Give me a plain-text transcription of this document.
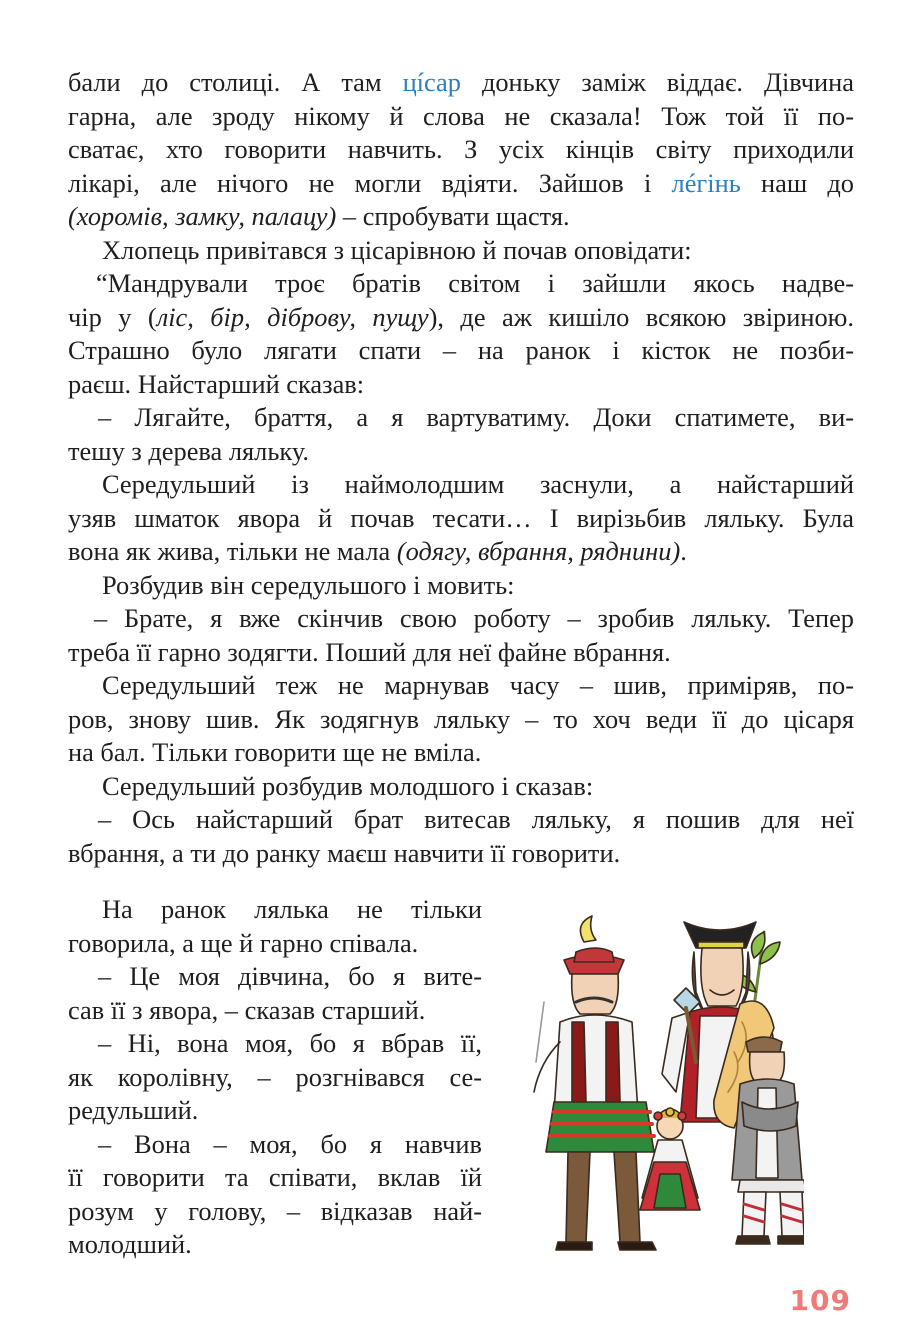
бали до столиці. А там цíсар доньку заміж віддає. Дівчина
гарна, але зроду нікому й слова не сказала! Тож той її по-
сватає, хто говорити навчить. З усіх кінців світу приходили
лікарі, але нічого не могли вдіяти. Зайшов і лéгінь наш до
(хоромів, замку, палацу) – спробувати щастя.

Хлопець привітався з цісарівною й почав оповідати:

“Мандрували троє братів світом і зайшли якось надве-
чір у (ліс, бір, діброву, пущу), де аж кишіло всякою звіриною.
Страшно було лягати спати – на ранок і кісток не позби-
раєш. Найстарший сказав:

– Лягайте, браття, а я вартуватиму. Доки спатимете, ви-
тешу з дерева ляльку.

Середульший із наймолодшим заснули, а найстарший
узяв шматок явора й почав тесати… І вирізьбив ляльку. Була
вона як жива, тільки не мала (одягу, вбрання, ряднини).

Розбудив він середульшого і мовить:

– Брате, я вже скінчив свою роботу – зробив ляльку. Тепер
треба її гарно зодягти. Поший для неї файне вбрання.

Середульший теж не марнував часу – шив, приміряв, по-
ров, знову шив. Як зодягнув ляльку – то хоч веди її до цісаря
на бал. Тільки говорити ще не вміла.

Середульший розбудив молодшого і сказав:

– Ось найстарший брат витесав ляльку, я пошив для неї
вбрання, а ти до ранку маєш навчити її говорити.

На ранок лялька не тільки
говорила, а ще й гарно співала.

– Це моя дівчина, бо я вите-
сав її з явора, – сказав старший.

– Ні, вона моя, бо я вбрав її,
як королівну, – розгнівався се-
редульший.

– Вона – моя, бо я навчив
її говорити та співати, вклав їй
розум у голову, – відказав най-
молодший.

109
